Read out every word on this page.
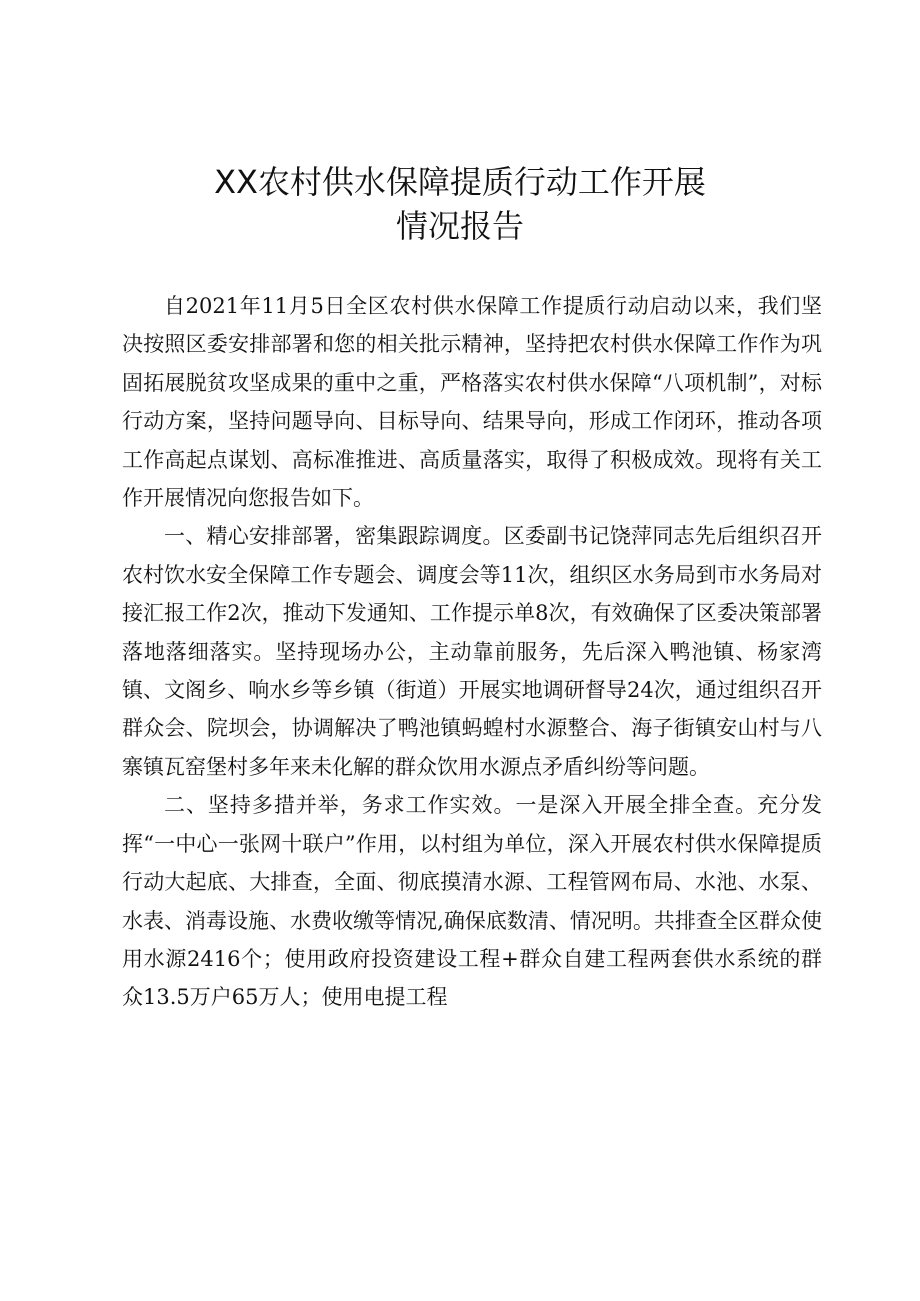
XX农村供水保障提质行动工作开展
情况报告

自2021年11月5日全区农村供水保障工作提质行动启动以来，我们坚决按照区委安排部署和您的相关批示精神，坚持把农村供水保障工作作为巩固拓展脱贫攻坚成果的重中之重，严格落实农村供水保障“八项机制”，对标行动方案，坚持问题导向、目标导向、结果导向，形成工作闭环，推动各项工作高起点谋划、高标准推进、高质量落实，取得了积极成效。现将有关工作开展情况向您报告如下。

一、精心安排部署，密集跟踪调度。区委副书记饶萍同志先后组织召开农村饮水安全保障工作专题会、调度会等11次，组织区水务局到市水务局对接汇报工作2次，推动下发通知、工作提示单8次，有效确保了区委决策部署落地落细落实。坚持现场办公，主动靠前服务，先后深入鸭池镇、杨家湾镇、文阁乡、响水乡等乡镇（街道）开展实地调研督导24次，通过组织召开群众会、院坝会，协调解决了鸭池镇蚂蝗村水源整合、海子街镇安山村与八寨镇瓦窑堡村多年来未化解的群众饮用水源点矛盾纠纷等问题。

二、坚持多措并举，务求工作实效。一是深入开展全排全查。充分发挥“一中心一张网十联户”作用，以村组为单位，深入开展农村供水保障提质行动大起底、大排查，全面、彻底摸清水源、工程管网布局、水池、水泵、水表、消毒设施、水费收缴等情况,确保底数清、情况明。共排查全区群众使用水源2416个；使用政府投资建设工程+群众自建工程两套供水系统的群众13.5万户65万人；使用电提工程
